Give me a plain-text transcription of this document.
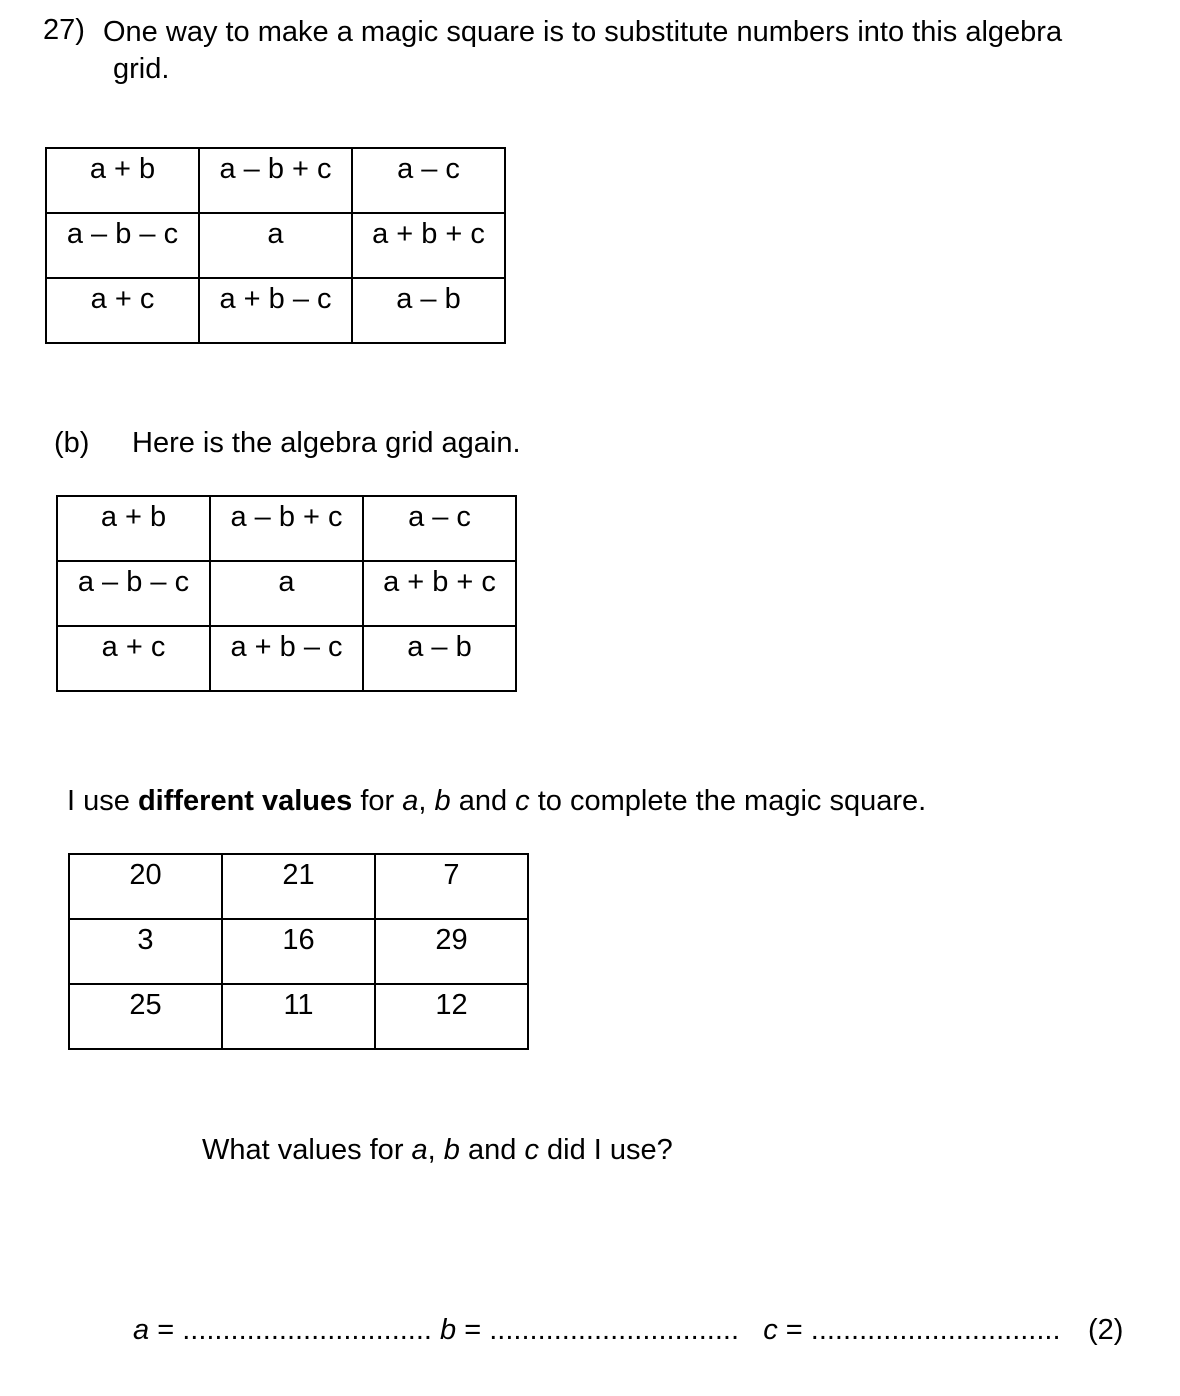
27) One way to make a magic square is to substitute numbers into this algebra
grid.
a + b	a – b + c	a – c
a – b – c	a	a + b + c
a + c	a + b – c	a – b
(b) Here is the algebra grid again.
a + b	a – b + c	a – c
a – b – c	a	a + b + c
a + c	a + b – c	a – b
I use different values for a, b and c to complete the magic square.
20	21	7
3	16	29
25	11	12
What values for a, b and c did I use?
a = ............................... b = ............................... c = ............................... (2)
